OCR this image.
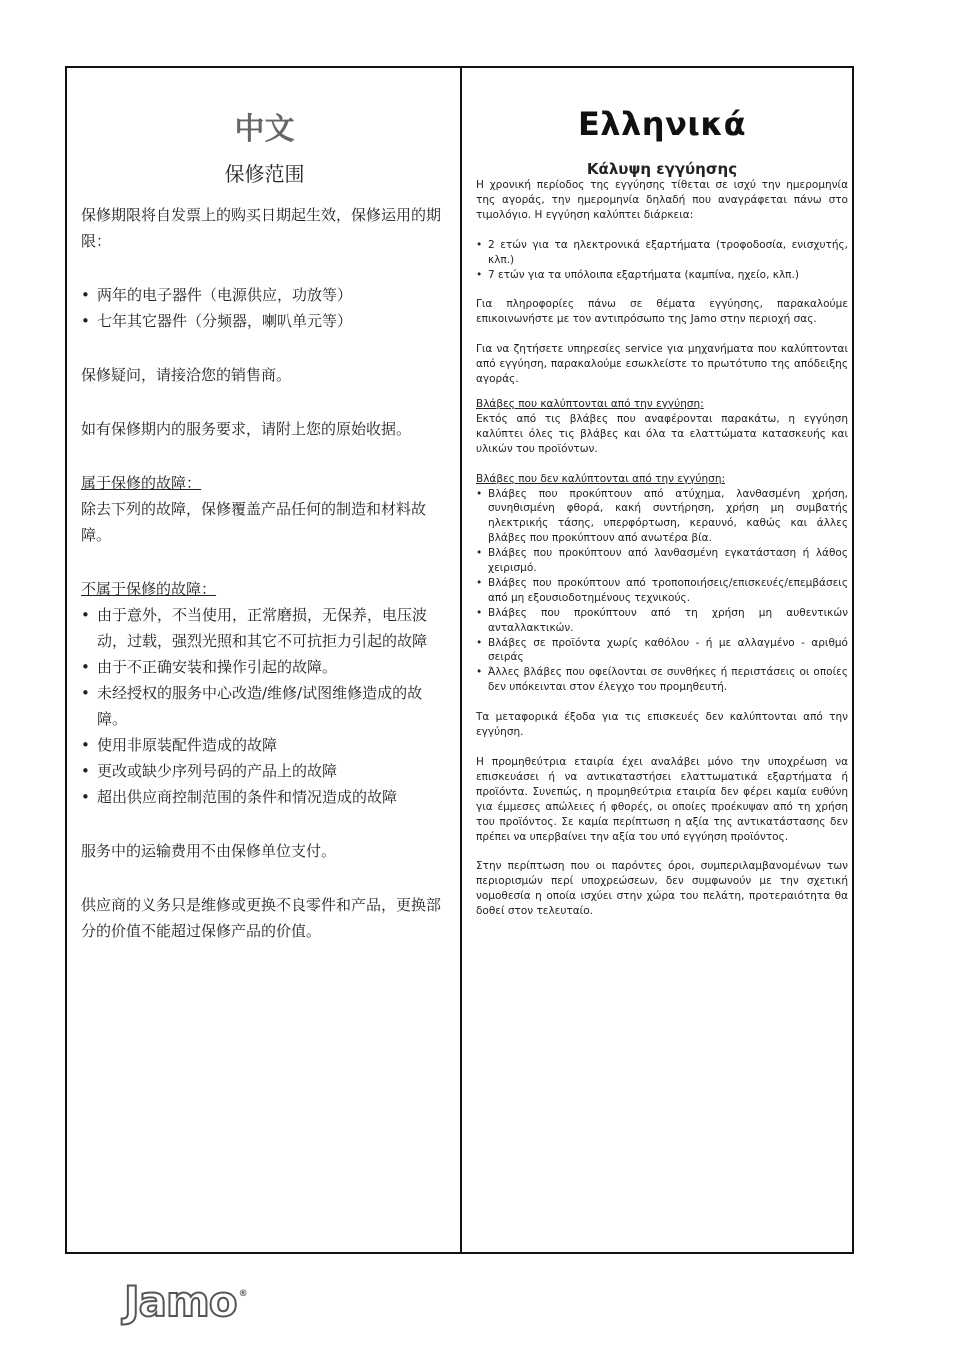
中文
保修范围

保修期限将自发票上的购买日期起生效，保修运用的期限：

• 两年的电子器件（电源供应，功放等）
• 七年其它器件（分频器，喇叭单元等）

保修疑问，请接洽您的销售商。

如有保修期内的服务要求，请附上您的原始收据。

属于保修的故障：

除去下列的故障，保修覆盖产品任何的制造和材料故障。

不属于保修的故障：

• 由于意外，不当使用，正常磨损，无保养，电压波动，过载，强烈光照和其它不可抗拒力引起的故障
• 由于不正确安装和操作引起的故障。
• 未经授权的服务中心改造/维修/试图维修造成的故障。
• 使用非原装配件造成的故障
• 更改或缺少序列号码的产品上的故障
• 超出供应商控制范围的条件和情况造成的故障

服务中的运输费用不由保修单位支付。

供应商的义务只是维修或更换不良零件和产品，更换部分的价值不能超过保修产品的价值。

Ελληνικά
Κάλυψη εγγύησης

Η χρονική περίοδος της εγγύησης τίθεται σε ισχύ την ημερομηνία της αγοράς, την ημερομηνία δηλαδή που αναγράφεται πάνω στο τιμολόγιο. Η εγγύηση καλύπτει διάρκεια:

• 2 ετών για τα ηλεκτρονικά εξαρτήματα (τροφοδοσία, ενισχυτής, κλπ.)
• 7 ετών για τα υπόλοιπα εξαρτήματα (καμπίνα, ηχείο, κλπ.)

Για πληροφορίες πάνω σε θέματα εγγύησης, παρακαλούμε επικοινωνήστε με τον αντιπρόσωπο της Jamo στην περιοχή σας.

Για να ζητήσετε υπηρεσίες service για μηχανήματα που καλύπτονται από εγγύηση, παρακαλούμε εσωκλείστε το πρωτότυπο της απόδειξης αγοράς.

Βλάβες που καλύπτονται από την εγγύηση:

Εκτός από τις βλάβες που αναφέρονται παρακάτω, η εγγύηση καλύπτει όλες τις βλάβες και όλα τα ελαττώματα κατασκευής και υλικών του προϊόντων.

Βλάβες που δεν καλύπτονται από την εγγύηση:

• Βλάβες που προκύπτουν από ατύχημα, λανθασμένη χρήση, συνηθισμένη φθορά, κακή συντήρηση, χρήση μη συμβατής ηλεκτρικής τάσης, υπερφόρτωση, κεραυνό, καθώς και άλλες βλάβες που προκύπτουν από ανωτέρα βία.
• Βλάβες που προκύπτουν από λανθασμένη εγκατάσταση ή λάθος χειρισμό.
• Βλάβες που προκύπτουν από τροποποιήσεις/επισκευές/επεμβάσεις από μη εξουσιοδοτημένους τεχνικούς.
• Βλάβες που προκύπτουν από τη χρήση μη αυθεντικών ανταλλακτικών.
• Βλάβες σε προϊόντα χωρίς καθόλου - ή με αλλαγμένο - αριθμό σειράς
• Άλλες βλάβες που οφείλονται σε συνθήκες ή περιστάσεις οι οποίες δεν υπόκεινται στον έλεγχο του προμηθευτή.

Τα μεταφορικά έξοδα για τις επισκευές δεν καλύπτονται από την εγγύηση.

Η προμηθεύτρια εταιρία έχει αναλάβει μόνο την υποχρέωση να επισκευάσει ή να αντικαταστήσει ελαττωματικά εξαρτήματα ή προϊόντα. Συνεπώς, η προμηθεύτρια εταιρία δεν φέρει καμία ευθύνη για έμμεσες απώλειες ή φθορές, οι οποίες προέκυψαν από τη χρήση του προϊόντος. Σε καμία περίπτωση η αξία της αντικατάστασης δεν πρέπει να υπερβαίνει την αξία του υπό εγγύηση προϊόντος.

Στην περίπτωση που οι παρόντες όροι, συμπεριλαμβανομένων των περιορισμών περί υποχρεώσεων, δεν συμφωνούν με την σχετική νομοθεσία η οποία ισχύει στην χώρα του πελάτη, προτεραιότητα θα δοθεί στον τελευταίο.

Jamo ®
